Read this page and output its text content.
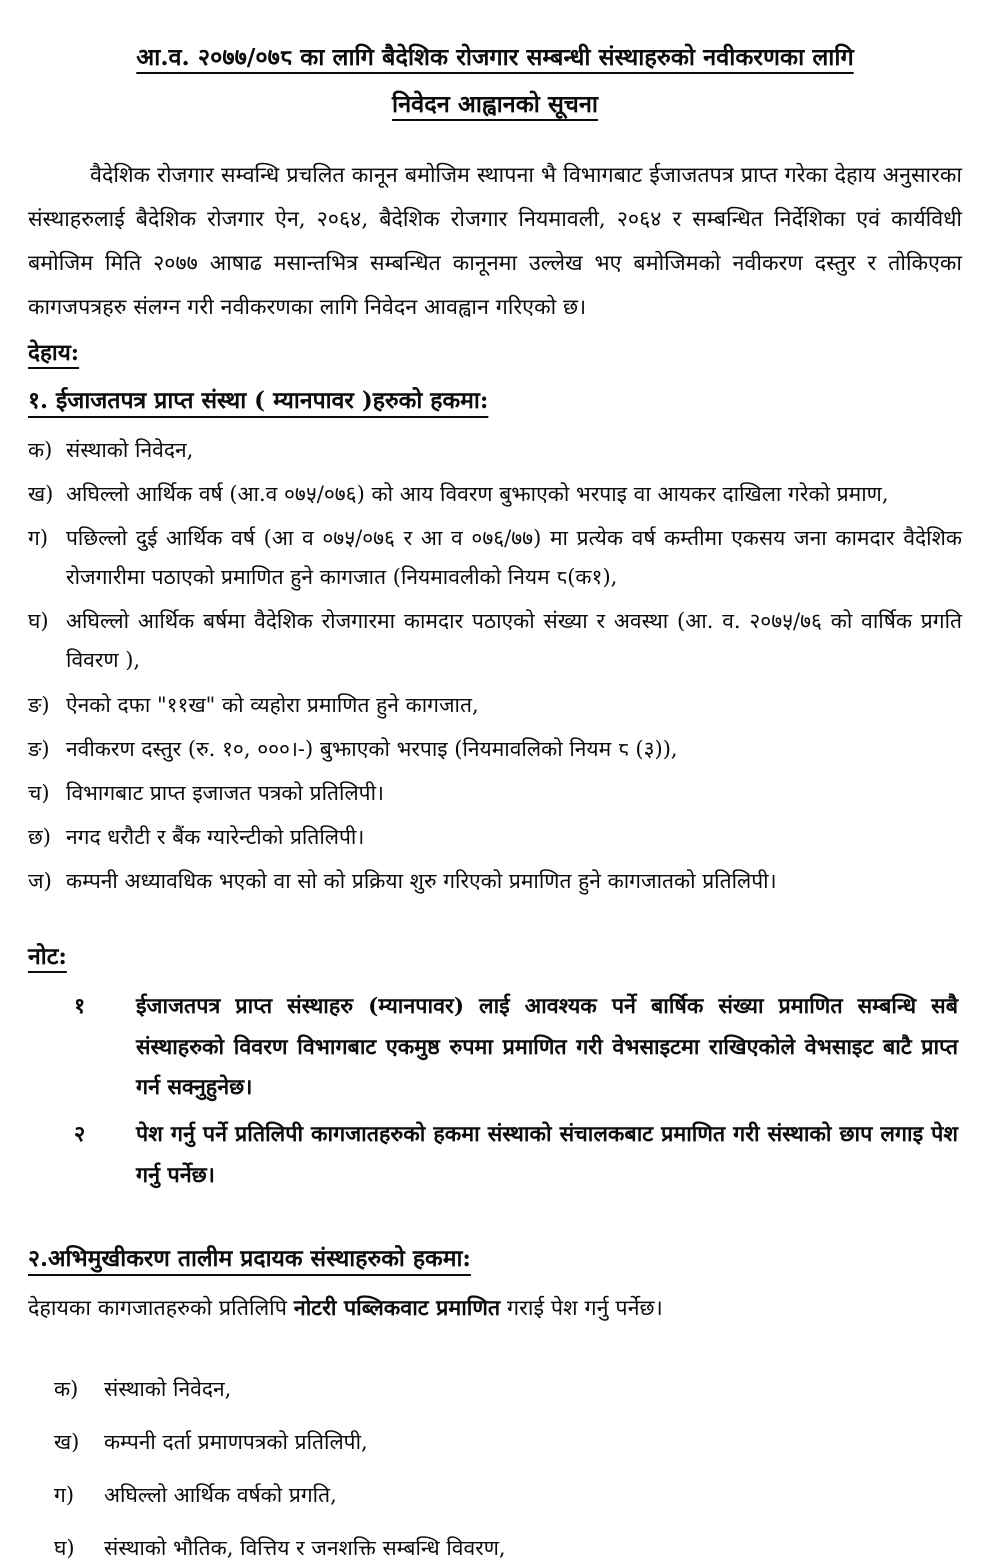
आ.व. २०७७/०७८ का लागि बैदेशिक रोजगार सम्बन्धी संस्थाहरुको नवीकरणका लागि
निवेदन आह्वानको सूचना

वैदेशिक रोजगार सम्वन्धि प्रचलित कानून बमोजिम स्थापना भै विभागबाट ईजाजतपत्र प्राप्त गरेका देहाय अनुसारका संस्थाहरुलाई बैदेशिक रोजगार ऐन, २०६४, बैदेशिक रोजगार नियमावली, २०६४ र सम्बन्धित निर्देशिका एवं कार्यविधी बमोजिम मिति २०७७ आषाढ मसान्तभित्र सम्बन्धित कानूनमा उल्लेख भए बमोजिमको नवीकरण दस्तुर र तोकिएका कागजपत्रहरु संलग्न गरी नवीकरणका लागि निवेदन आवह्वान गरिएको छ।

देहाय:
१. ईजाजतपत्र प्राप्त संस्था ( म्यानपावर )हरुको हकमा:
क) संस्थाको निवेदन,
ख) अघिल्लो आर्थिक वर्ष (आ.व ०७५/०७६) को आय विवरण बुझाएको भरपाइ वा आयकर दाखिला गरेको प्रमाण,
ग) पछिल्लो दुई आर्थिक वर्ष (आ व ०७५/०७६ र आ व ०७६/७७) मा प्रत्येक वर्ष कम्तीमा एकसय जना कामदार वैदेशिक रोजगारीमा पठाएको प्रमाणित हुने कागजात (नियमावलीको नियम ८(क१),
घ) अघिल्लो आर्थिक बर्षमा वैदेशिक रोजगारमा कामदार पठाएको संख्या र अवस्था (आ. व. २०७५/७६ को वार्षिक प्रगति विवरण ),
ङ) ऐनको दफा "११ख" को व्यहोरा प्रमाणित हुने कागजात,
ङ) नवीकरण दस्तुर (रु. १०, ०००।-) बुझाएको भरपाइ (नियमावलिको नियम ८ (३)),
च) विभागबाट प्राप्त इजाजत पत्रको प्रतिलिपी।
छ) नगद धरौटी र बैंक ग्यारेन्टीको प्रतिलिपी।
ज) कम्पनी अध्यावधिक भएको वा सो को प्रक्रिया शुरु गरिएको प्रमाणित हुने कागजातको प्रतिलिपी।
नोट:
१	ईजाजतपत्र प्राप्त संस्थाहरु (म्यानपावर) लाई आवश्यक पर्ने बार्षिक संख्या प्रमाणित सम्बन्धि सबै संस्थाहरुको विवरण विभागबाट एकमुष्ठ रुपमा प्रमाणित गरी वेभसाइटमा राखिएकोले वेभसाइट बाटै प्राप्त गर्न सक्नुहुनेछ।
२	पेश गर्नु पर्ने प्रतिलिपी कागजातहरुको हकमा संस्थाको संचालकबाट प्रमाणित गरी संस्थाको छाप लगाइ पेश गर्नु पर्नेछ।
२.अभिमुखीकरण तालीम प्रदायक संस्थाहरुको हकमा:

देहायका कागजातहरुको प्रतिलिपि नोटरी पब्लिकवाट प्रमाणित गराई पेश गर्नु पर्नेछ।

क)	संस्थाको निवेदन,
ख)	कम्पनी दर्ता प्रमाणपत्रको प्रतिलिपी,
ग)	अघिल्लो आर्थिक वर्षको प्रगति,
घ)	संस्थाको भौतिक, वित्तिय र जनशक्ति सम्बन्धि विवरण,
